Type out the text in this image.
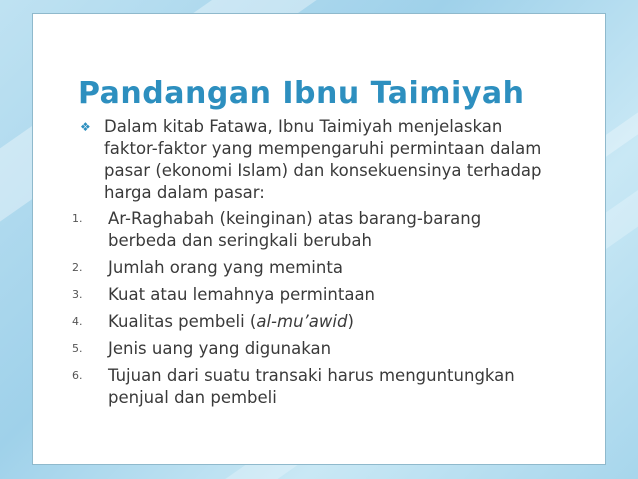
Pandangan Ibnu Taimiyah
❖ Dalam kitab Fatawa, Ibnu Taimiyah menjelaskan faktor-faktor yang mempengaruhi permintaan dalam pasar (ekonomi Islam) dan konsekuensinya terhadap harga dalam pasar:
1.	Ar-Raghabah (keinginan) atas barang-barang berbeda dan seringkali berubah
2.	Jumlah orang yang meminta
3.	Kuat atau lemahnya permintaan
4.	Kualitas pembeli (al-mu’awid)
5.	Jenis uang yang digunakan
6.	Tujuan dari suatu transaki harus menguntungkan penjual dan pembeli
